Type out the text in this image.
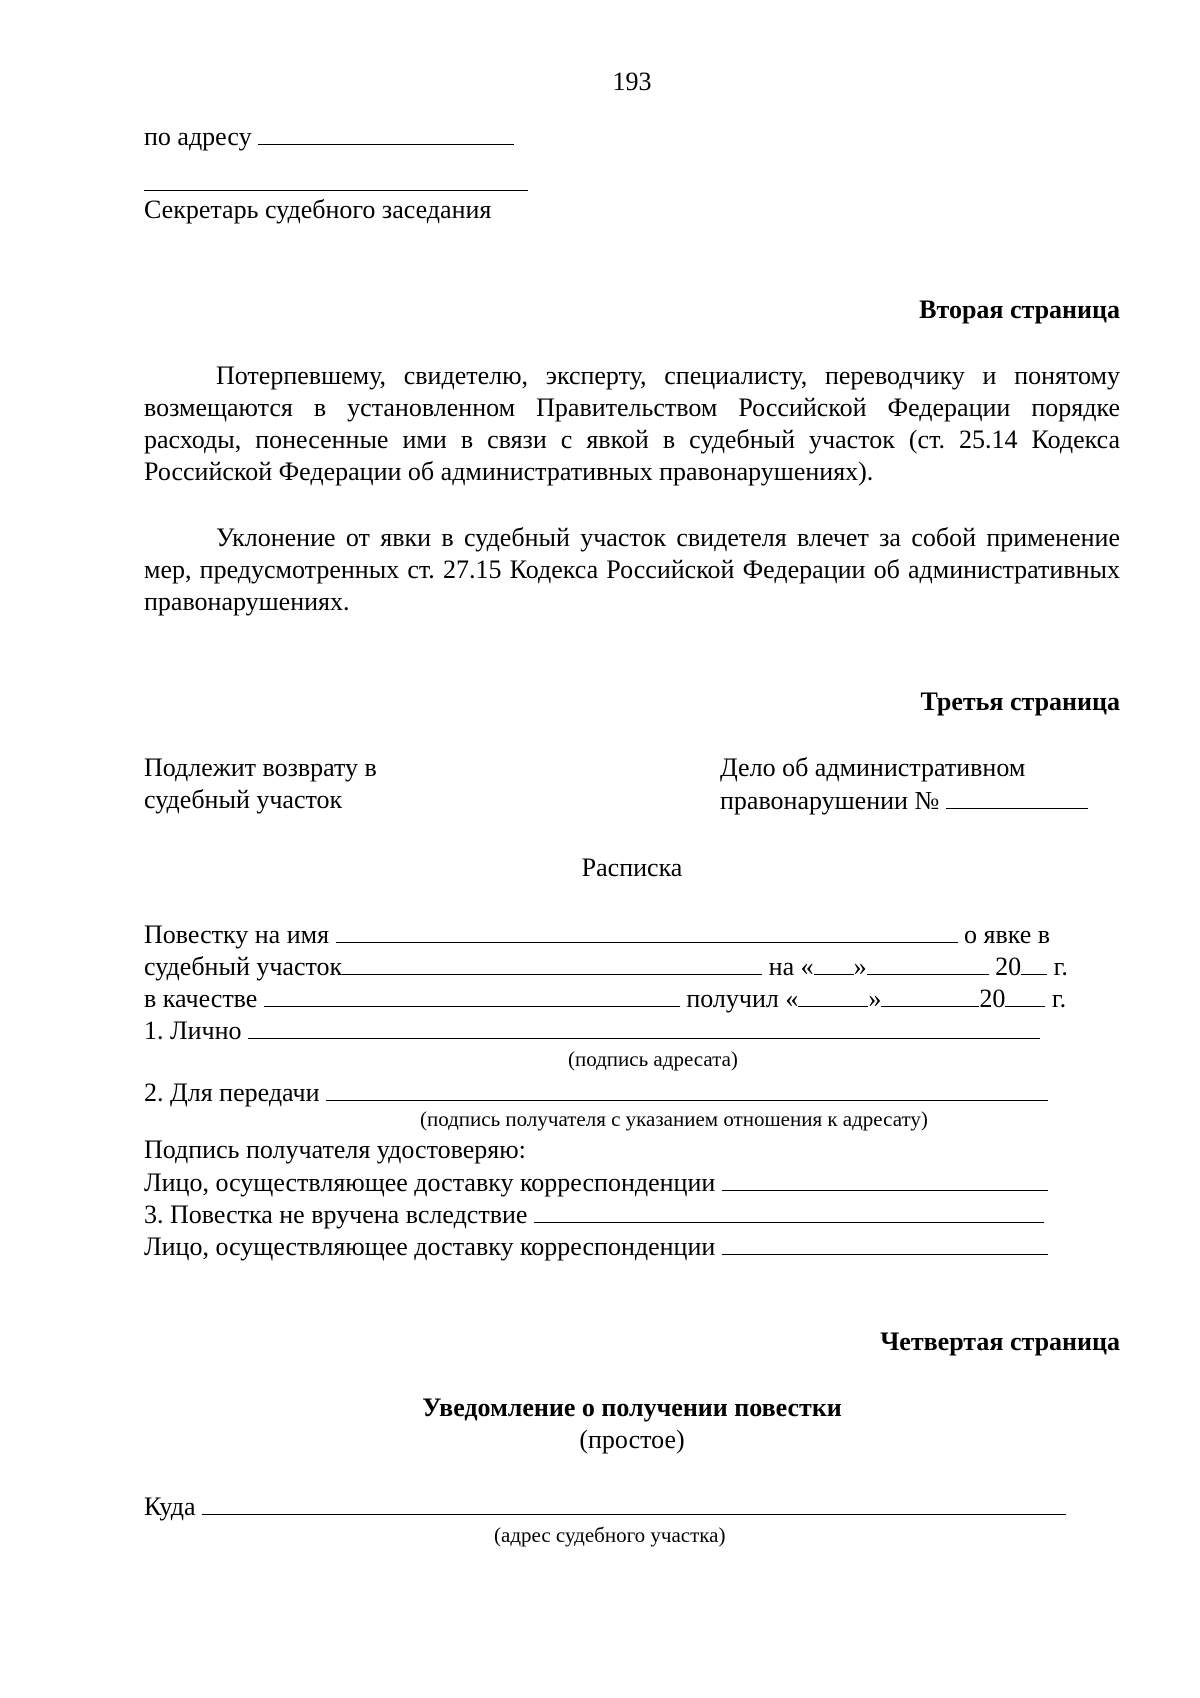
193
по адресу
Секретарь судебного заседания
Вторая страница
Потерпевшему, свидетелю, эксперту, специалисту, переводчику и понятому возмещаются в установленном Правительством Российской Федерации порядке расходы, понесенные ими в связи с явкой в судебный участок (ст. 25.14 Кодекса Российской Федерации об административных правонарушениях).
Уклонение от явки в судебный участок свидетеля влечет за собой применение мер, предусмотренных ст. 27.15 Кодекса Российской Федерации об административных правонарушениях.
Третья страница
Подлежит возврату в
судебный участок
Дело об административном
правонарушении №
Расписка
Повестку на имя	о явке в
судебный участок	на « »	20 г.
в качестве	получил «	»	20 г.
1. Лично
(подпись адресата)
2. Для передачи
(подпись получателя с указанием отношения к адресату)
Подпись получателя удостоверяю:
Лицо, осуществляющее доставку корреспонденции
3. Повестка не вручена вследствие
Лицо, осуществляющее доставку корреспонденции
Четвертая страница
Уведомление о получении повестки
(простое)
Куда
(адрес судебного участка)
